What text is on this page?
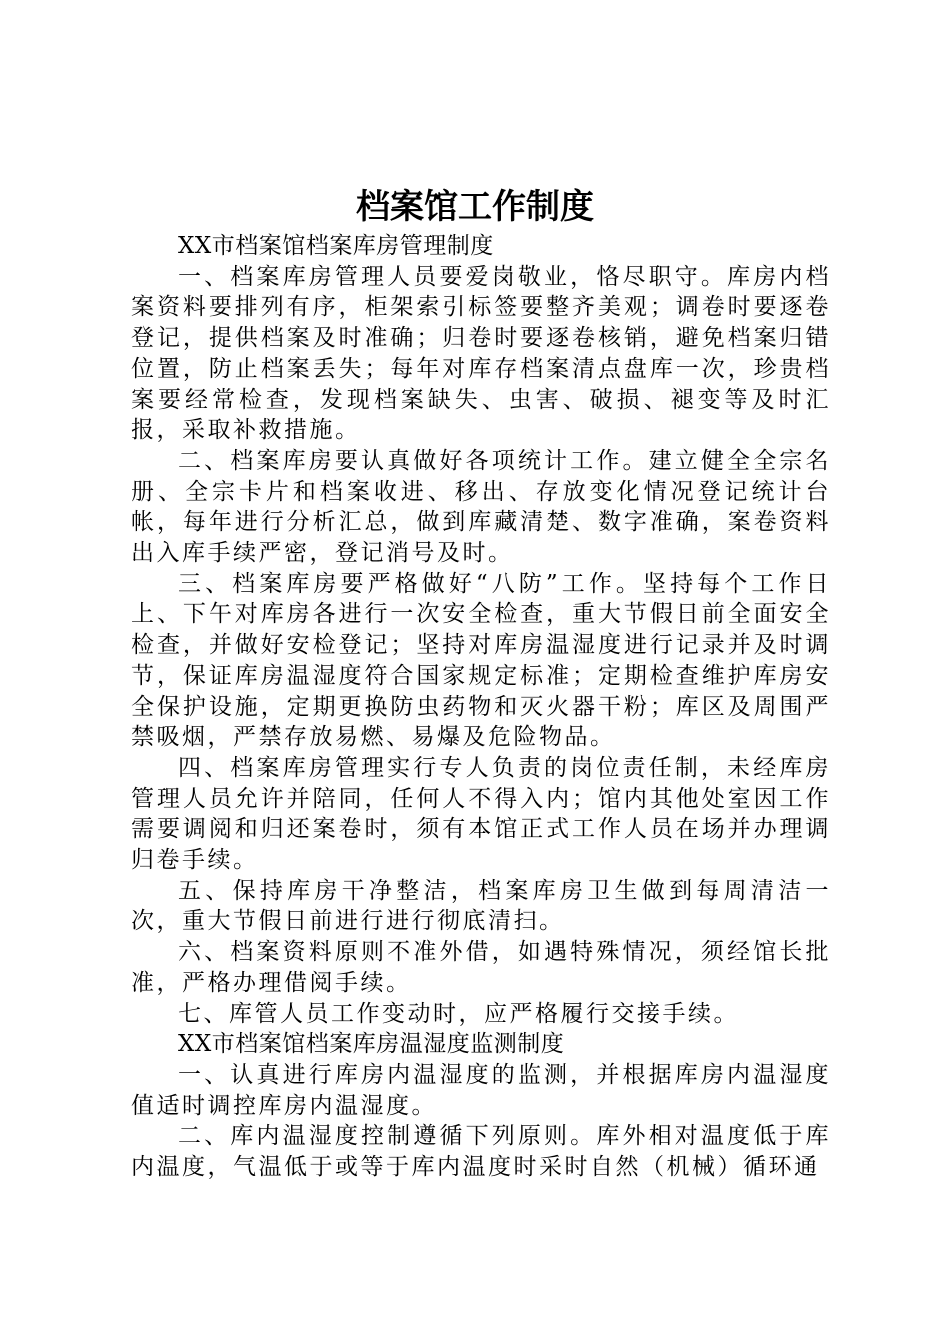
档案馆工作制度

XX市档案馆档案库房管理制度

一、档案库房管理人员要爱岗敬业，恪尽职守。库房内档案资料要排列有序，柜架索引标签要整齐美观；调卷时要逐卷登记，提供档案及时准确；归卷时要逐卷核销，避免档案归错位置，防止档案丢失；每年对库存档案清点盘库一次，珍贵档案要经常检查，发现档案缺失、虫害、破损、褪变等及时汇报，采取补救措施。

二、档案库房要认真做好各项统计工作。建立健全全宗名册、全宗卡片和档案收进、移出、存放变化情况登记统计台帐，每年进行分析汇总，做到库藏清楚、数字准确，案卷资料出入库手续严密，登记消号及时。

三、档案库房要严格做好“八防”工作。坚持每个工作日上、下午对库房各进行一次安全检查，重大节假日前全面安全检查，并做好安检登记；坚持对库房温湿度进行记录并及时调节，保证库房温湿度符合国家规定标准；定期检查维护库房安全保护设施，定期更换防虫药物和灭火器干粉；库区及周围严禁吸烟，严禁存放易燃、易爆及危险物品。

四、档案库房管理实行专人负责的岗位责任制，未经库房管理人员允许并陪同，任何人不得入内；馆内其他处室因工作需要调阅和归还案卷时，须有本馆正式工作人员在场并办理调归卷手续。

五、保持库房干净整洁，档案库房卫生做到每周清洁一次，重大节假日前进行进行彻底清扫。

六、档案资料原则不准外借，如遇特殊情况，须经馆长批准，严格办理借阅手续。

七、库管人员工作变动时，应严格履行交接手续。

XX市档案馆档案库房温湿度监测制度

一、认真进行库房内温湿度的监测，并根据库房内温湿度值适时调控库房内温湿度。

二、库内温湿度控制遵循下列原则。库外相对温度低于库内温度，气温低于或等于库内温度时采时自然（机械）循环通
